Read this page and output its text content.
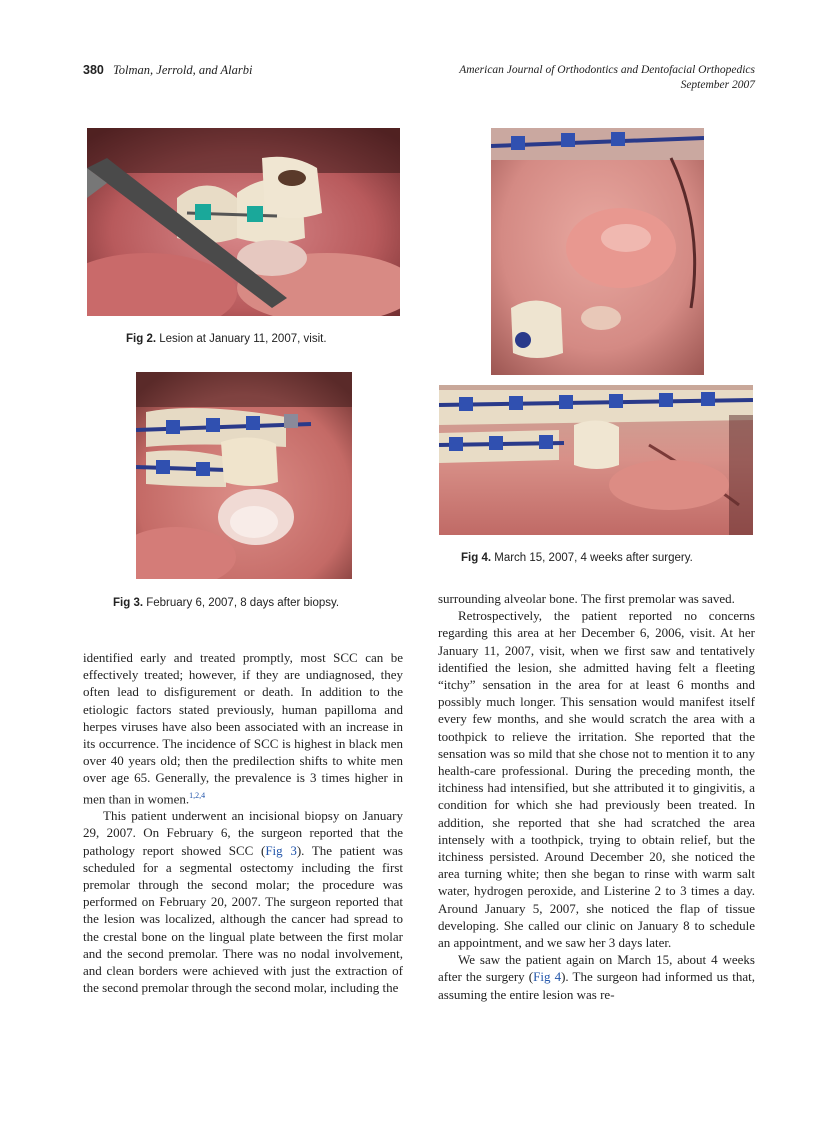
380 Tolman, Jerrold, and Alarbi	American Journal of Orthodontics and Dentofacial Orthopedics
September 2007
Fig 2. Lesion at January 11, 2007, visit.
Fig 3. February 6, 2007, 8 days after biopsy.
Fig 4. March 15, 2007, 4 weeks after surgery.

identified early and treated promptly, most SCC can be effectively treated; however, if they are undiagnosed, they often lead to disfigurement or death. In addition to the etiologic factors stated previously, human papilloma and herpes viruses have also been associated with an increase in its occurrence. The incidence of SCC is highest in black men over 40 years old; then the predilection shifts to white men over age 65. Generally, the prevalence is 3 times higher in men than in women.$^{1,2,4}$

This patient underwent an incisional biopsy on January 29, 2007. On February 6, the surgeon reported that the pathology report showed SCC (Fig 3). The patient was scheduled for a segmental ostectomy including the first premolar through the second molar; the procedure was performed on February 20, 2007. The surgeon reported that the lesion was localized, although the cancer had spread to the crestal bone on the lingual plate between the first molar and the second premolar. There was no nodal involvement, and clean borders were achieved with just the extraction of the second premolar through the second molar, including the

surrounding alveolar bone. The first premolar was saved.

Retrospectively, the patient reported no concerns regarding this area at her December 6, 2006, visit. At her January 11, 2007, visit, when we first saw and tentatively identified the lesion, she admitted having felt a fleeting “itchy” sensation in the area for at least 6 months and possibly much longer. This sensation would manifest itself every few months, and she would scratch the area with a toothpick to relieve the irritation. She reported that the sensation was so mild that she chose not to mention it to any health-care professional. During the preceding month, the itchiness had intensified, but she attributed it to gingivitis, a condition for which she had previously been treated. In addition, she reported that she had scratched the area intensely with a toothpick, trying to obtain relief, but the itchiness persisted. Around December 20, she noticed the area turning white; then she began to rinse with warm salt water, hydrogen peroxide, and Listerine 2 to 3 times a day. Around January 5, 2007, she noticed the flap of tissue developing. She called our clinic on January 8 to schedule an appointment, and we saw her 3 days later.

We saw the patient again on March 15, about 4 weeks after the surgery (Fig 4). The surgeon had informed us that, assuming the entire lesion was re-
